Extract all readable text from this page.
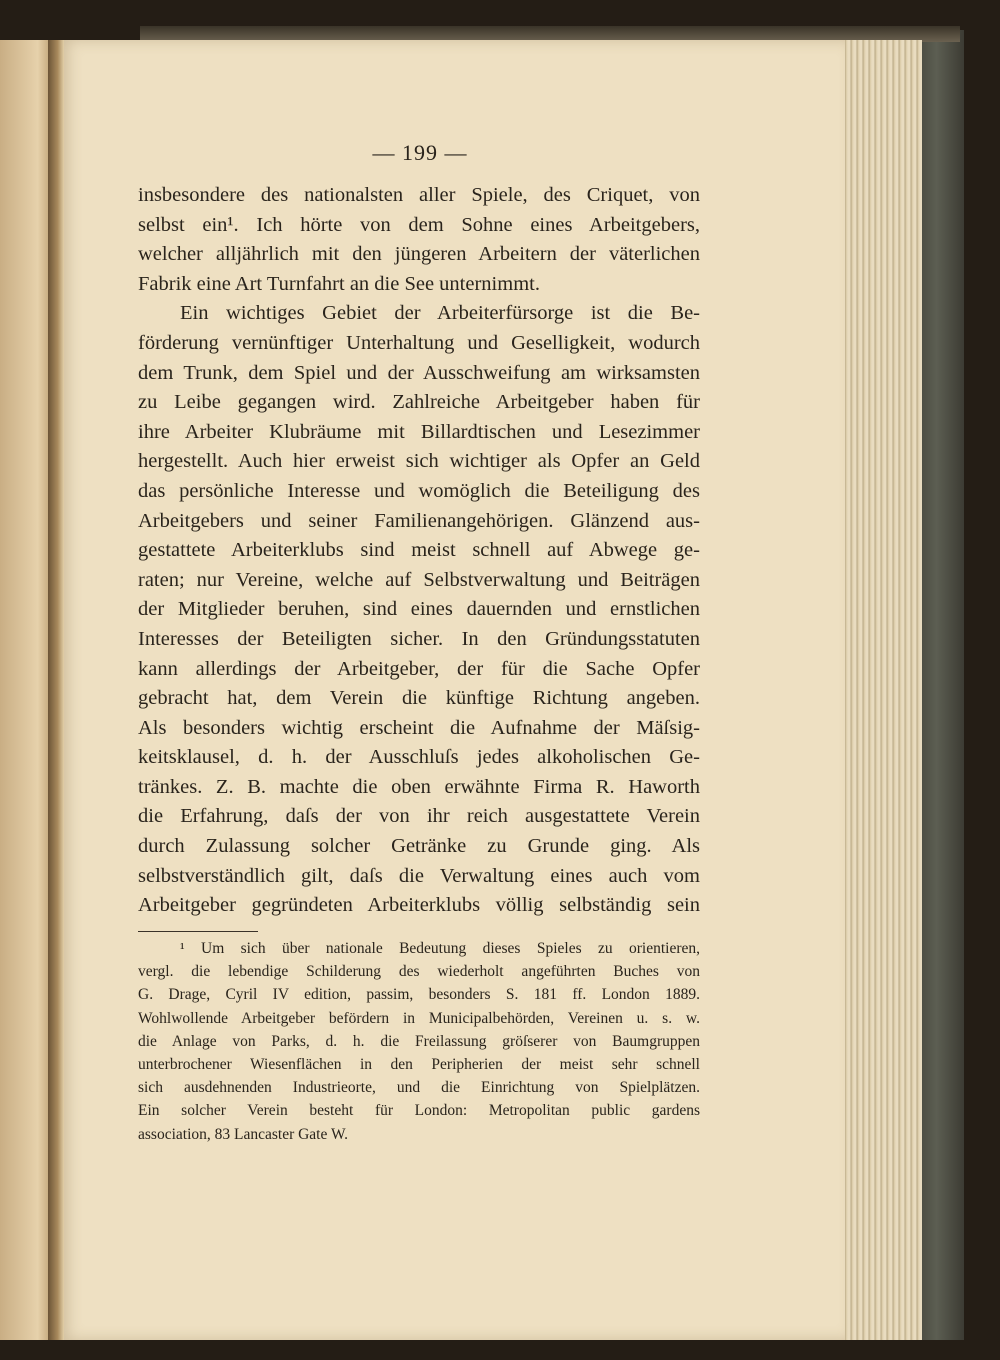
— 199 —
insbesondere des nationalsten aller Spiele, des Criquet, von
selbst ein¹. Ich hörte von dem Sohne eines Arbeitgebers,
welcher alljährlich mit den jüngeren Arbeitern der väterlichen
Fabrik eine Art Turnfahrt an die See unternimmt.
Ein wichtiges Gebiet der Arbeiterfürsorge ist die Be-
förderung vernünftiger Unterhaltung und Geselligkeit, wodurch
dem Trunk, dem Spiel und der Ausschweifung am wirksamsten
zu Leibe gegangen wird. Zahlreiche Arbeitgeber haben für
ihre Arbeiter Klubräume mit Billardtischen und Lesezimmer
hergestellt. Auch hier erweist sich wichtiger als Opfer an Geld
das persönliche Interesse und womöglich die Beteiligung des
Arbeitgebers und seiner Familienangehörigen. Glänzend aus-
gestattete Arbeiterklubs sind meist schnell auf Abwege ge-
raten; nur Vereine, welche auf Selbstverwaltung und Beiträgen
der Mitglieder beruhen, sind eines dauernden und ernstlichen
Interesses der Beteiligten sicher. In den Gründungsstatuten
kann allerdings der Arbeitgeber, der für die Sache Opfer
gebracht hat, dem Verein die künftige Richtung angeben.
Als besonders wichtig erscheint die Aufnahme der Mäſsig-
keitsklausel, d. h. der Ausschluſs jedes alkoholischen Ge-
tränkes. Z. B. machte die oben erwähnte Firma R. Haworth
die Erfahrung, daſs der von ihr reich ausgestattete Verein
durch Zulassung solcher Getränke zu Grunde ging. Als
selbstverständlich gilt, daſs die Verwaltung eines auch vom
Arbeitgeber gegründeten Arbeiterklubs völlig selbständig sein
¹ Um sich über nationale Bedeutung dieses Spieles zu orientieren,
vergl. die lebendige Schilderung des wiederholt angeführten Buches von
G. Drage, Cyril IV edition, passim, besonders S. 181 ff. London 1889.
Wohlwollende Arbeitgeber befördern in Municipalbehörden, Vereinen u. s. w.
die Anlage von Parks, d. h. die Freilassung gröſserer von Baumgruppen
unterbrochener Wiesenflächen in den Peripherien der meist sehr schnell
sich ausdehnenden Industrieorte, und die Einrichtung von Spielplätzen.
Ein solcher Verein besteht für London: Metropolitan public gardens
association, 83 Lancaster Gate W.
